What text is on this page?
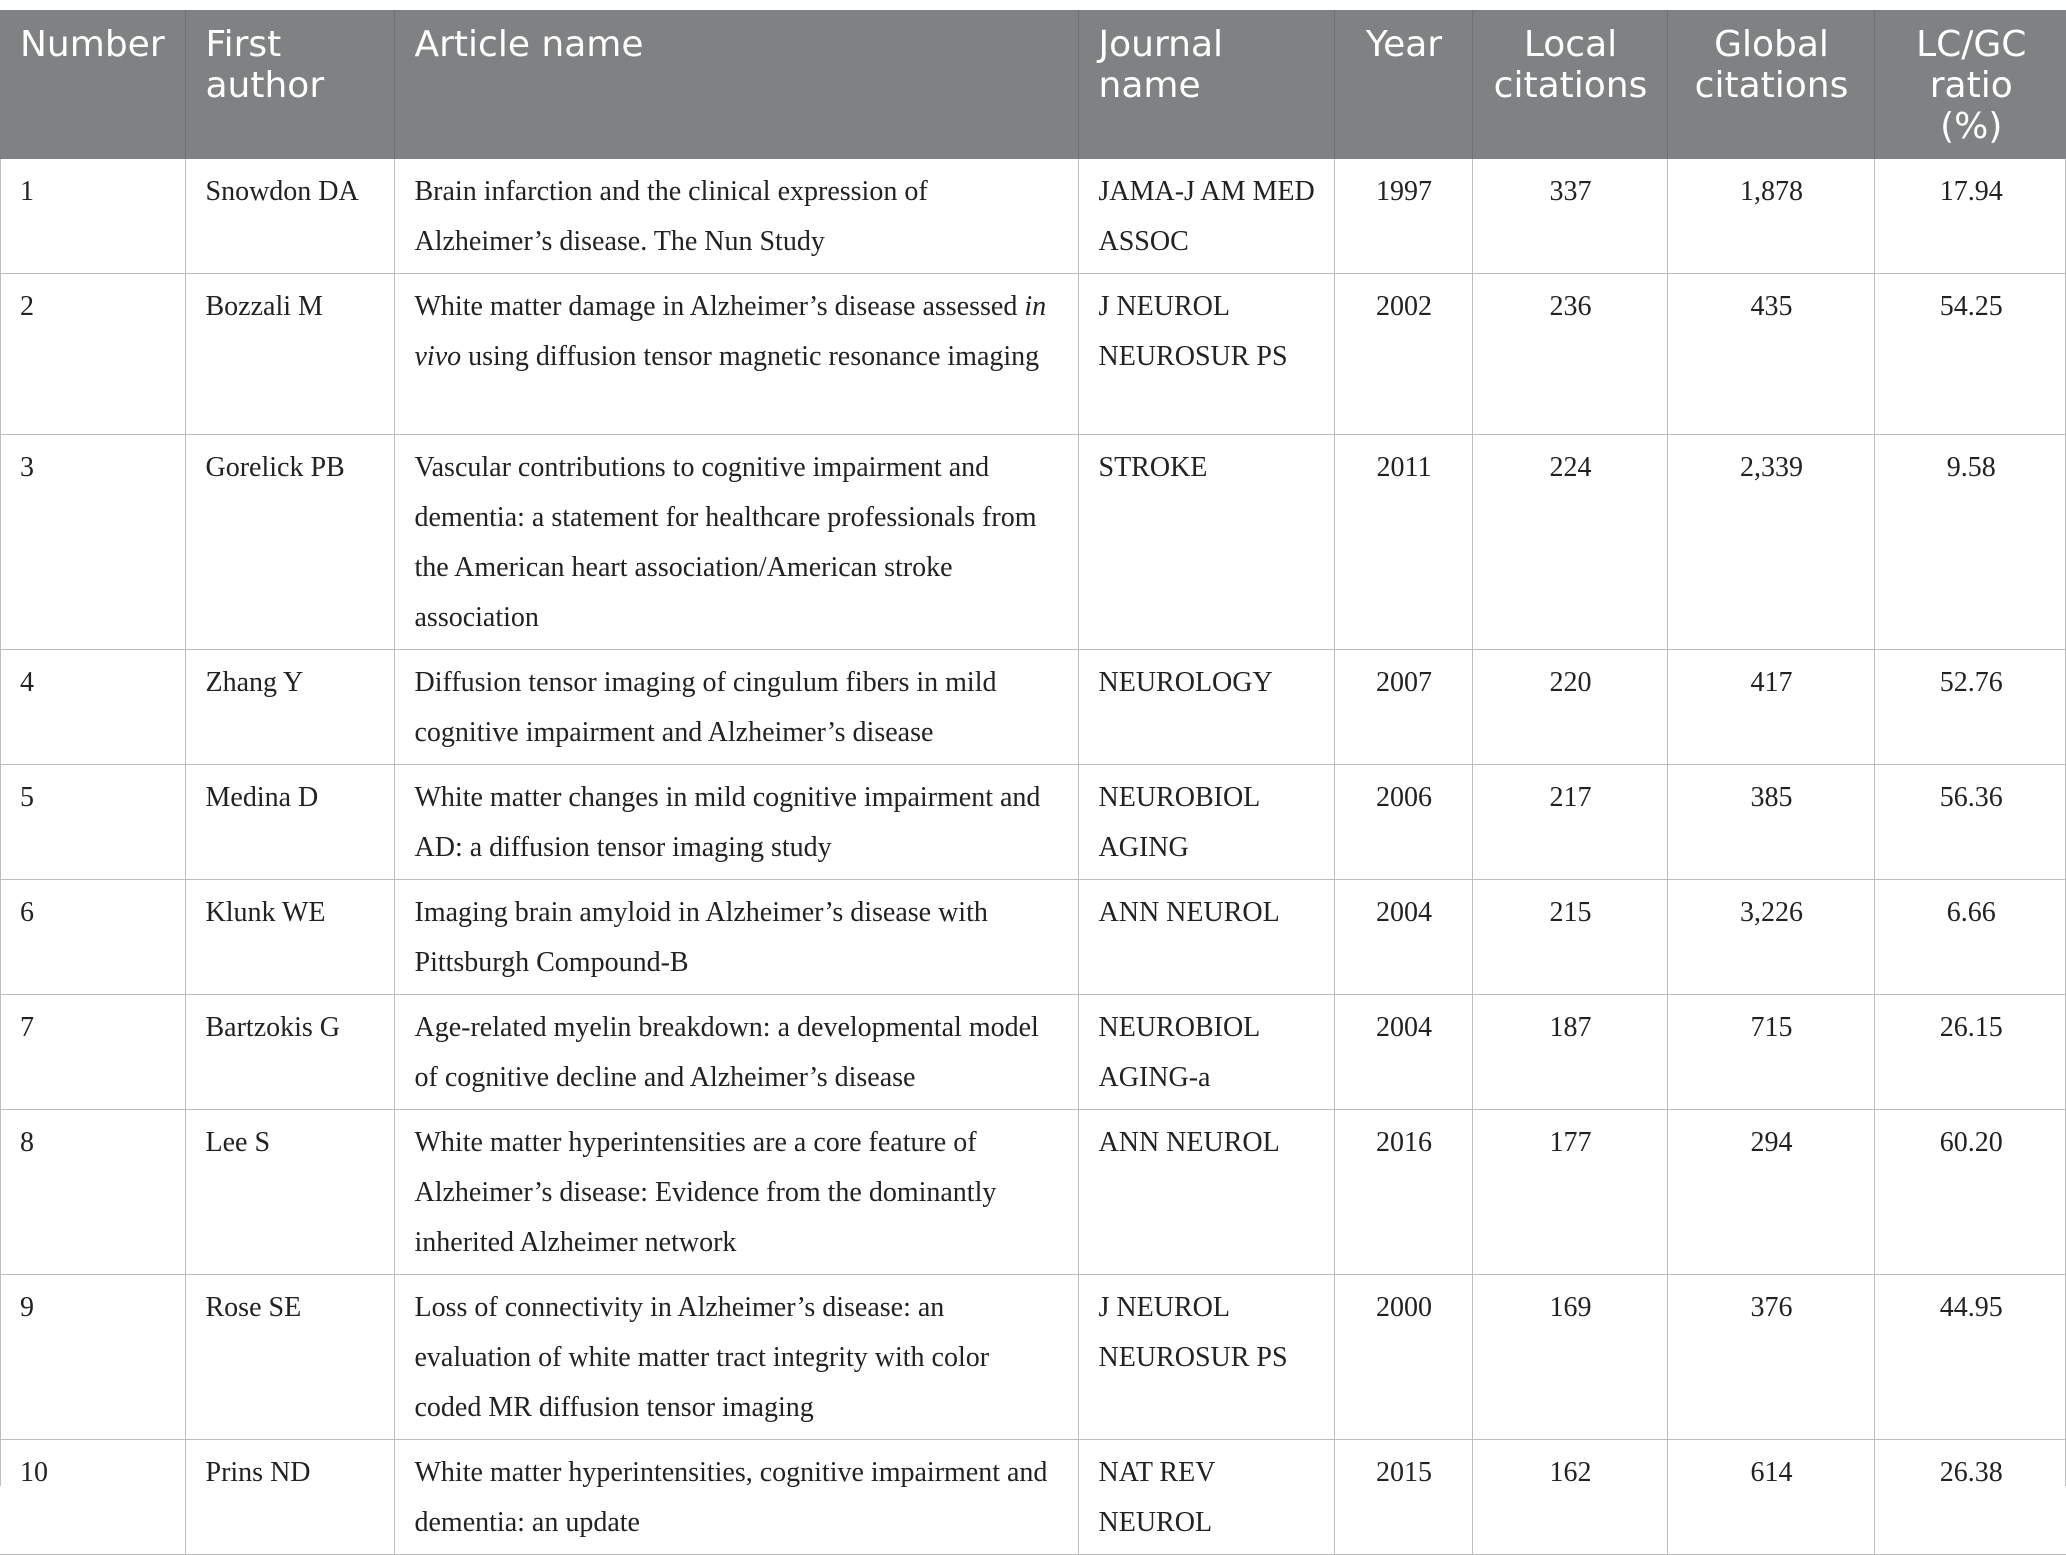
Number	First author	Article name	Journal name	Year	Local citations	Global citations	LC/GC ratio (%)
1	Snowdon DA	Brain infarction and the clinical expression of Alzheimer’s disease. The Nun Study	JAMA-J AM MED ASSOC	1997	337	1,878	17.94
2	Bozzali M	White matter damage in Alzheimer’s disease assessed in vivo using diffusion tensor magnetic resonance imaging	J NEUROL NEUROSUR PS	2002	236	435	54.25
3	Gorelick PB	Vascular contributions to cognitive impairment and dementia: a statement for healthcare professionals from the American heart association/American stroke association	STROKE	2011	224	2,339	9.58
4	Zhang Y	Diffusion tensor imaging of cingulum fibers in mild cognitive impairment and Alzheimer’s disease	NEUROLOGY	2007	220	417	52.76
5	Medina D	White matter changes in mild cognitive impairment and AD: a diffusion tensor imaging study	NEUROBIOL AGING	2006	217	385	56.36
6	Klunk WE	Imaging brain amyloid in Alzheimer’s disease with Pittsburgh Compound-B	ANN NEUROL	2004	215	3,226	6.66
7	Bartzokis G	Age-related myelin breakdown: a developmental model of cognitive decline and Alzheimer’s disease	NEUROBIOL AGING-a	2004	187	715	26.15
8	Lee S	White matter hyperintensities are a core feature of Alzheimer’s disease: Evidence from the dominantly inherited Alzheimer network	ANN NEUROL	2016	177	294	60.20
9	Rose SE	Loss of connectivity in Alzheimer’s disease: an evaluation of white matter tract integrity with color coded MR diffusion tensor imaging	J NEUROL NEUROSUR PS	2000	169	376	44.95
10	Prins ND	White matter hyperintensities, cognitive impairment and dementia: an update	NAT REV NEUROL	2015	162	614	26.38
